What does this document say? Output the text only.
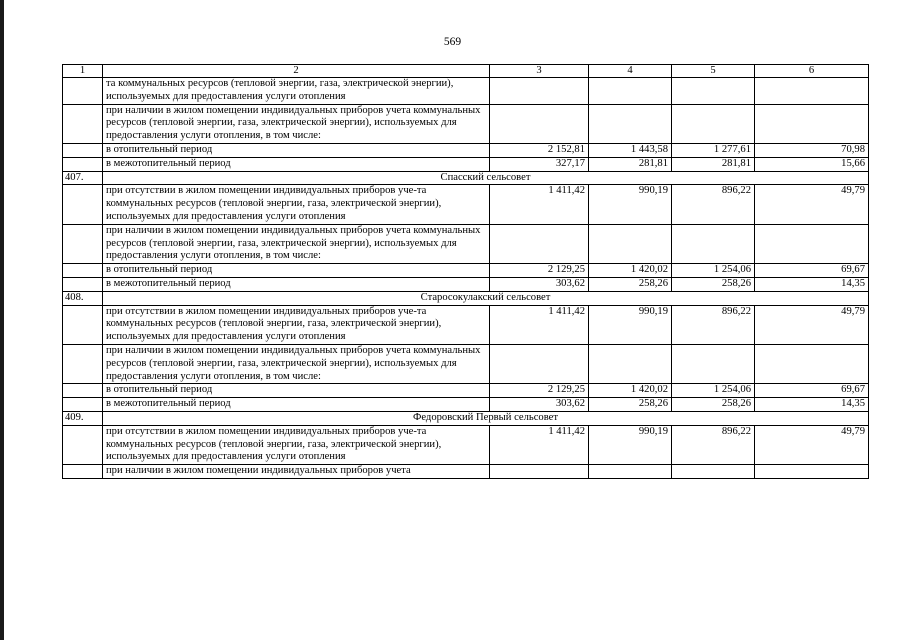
569
1	2	3	4	5	6
	та коммунальных ресурсов (тепловой энергии, газа, электрической энергии), используемых для предоставления услуги отопления				
	при наличии в жилом помещении индивидуальных приборов учета коммунальных ресурсов (тепловой энергии, газа, электрической энергии), используемых для предоставления услуги отопления, в том числе:				
	в отопительный период	2 152,81	1 443,58	1 277,61	70,98
	в межотопительный период	327,17	281,81	281,81	15,66
407.	Спасский сельсовет				
	при отсутствии в жилом помещении индивидуальных приборов уче-та коммунальных ресурсов (тепловой энергии, газа, электрической энергии), используемых для предоставления услуги отопления	1 411,42	990,19	896,22	49,79
	при наличии в жилом помещении индивидуальных приборов учета коммунальных ресурсов (тепловой энергии, газа, электрической энергии), используемых для предоставления услуги отопления, в том числе:				
	в отопительный период	2 129,25	1 420,02	1 254,06	69,67
	в межотопительный период	303,62	258,26	258,26	14,35
408.	Старосокулакский сельсовет				
	при отсутствии в жилом помещении индивидуальных приборов уче-та коммунальных ресурсов (тепловой энергии, газа, электрической энергии), используемых для предоставления услуги отопления	1 411,42	990,19	896,22	49,79
	при наличии в жилом помещении индивидуальных приборов учета коммунальных ресурсов (тепловой энергии, газа, электрической энергии), используемых для предоставления услуги отопления, в том числе:				
	в отопительный период	2 129,25	1 420,02	1 254,06	69,67
	в межотопительный период	303,62	258,26	258,26	14,35
409.	Федоровский Первый сельсовет				
	при отсутствии в жилом помещении индивидуальных приборов уче-та коммунальных ресурсов (тепловой энергии, газа, электрической энергии), используемых для предоставления услуги отопления	1 411,42	990,19	896,22	49,79
	при наличии в жилом помещении индивидуальных приборов учета				
